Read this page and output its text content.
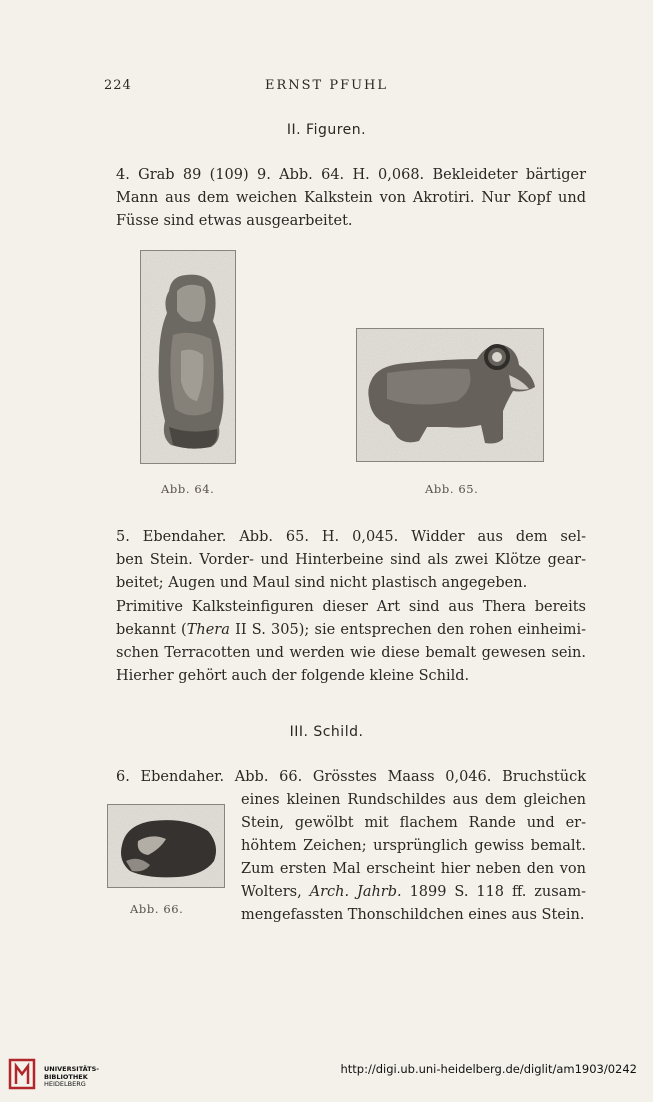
224	ERNST PFUHL
II. Figuren.
4. Grab 89 (109) 9. Abb. 64. H. 0,068. Bekleideter bärtiger
Mann aus dem weichen Kalkstein von Akrotiri. Nur Kopf und
Füsse sind etwas ausgearbeitet.
Abb. 64.	Abb. 65.
5. Ebendaher. Abb. 65. H. 0,045. Widder aus dem sel-
ben Stein. Vorder- und Hinterbeine sind als zwei Klötze gear-
beitet; Augen und Maul sind nicht plastisch angegeben.
Primitive Kalksteinfiguren dieser Art sind aus Thera bereits
bekannt (Thera II S. 305); sie entsprechen den rohen einheimi-
schen Terracotten und werden wie diese bemalt gewesen sein.
Hierher gehört auch der folgende kleine Schild.
III. Schild.
6. Ebendaher. Abb. 66. Grösstes Maass 0,046. Bruchstück
eines kleinen Rundschildes aus dem gleichen
Stein, gewölbt mit flachem Rande und er-
höhtem Zeichen; ursprünglich gewiss bemalt.
Zum ersten Mal erscheint hier neben den von
Wolters, Arch. Jahrb. 1899 S. 118 ff. zusam-
mengefassten Thonschildchen eines aus Stein.
Abb. 66.
UNIVERSITÄTS-
BIBLIOTHEK
HEIDELBERG
http://digi.ub.uni-heidelberg.de/diglit/am1903/0242
